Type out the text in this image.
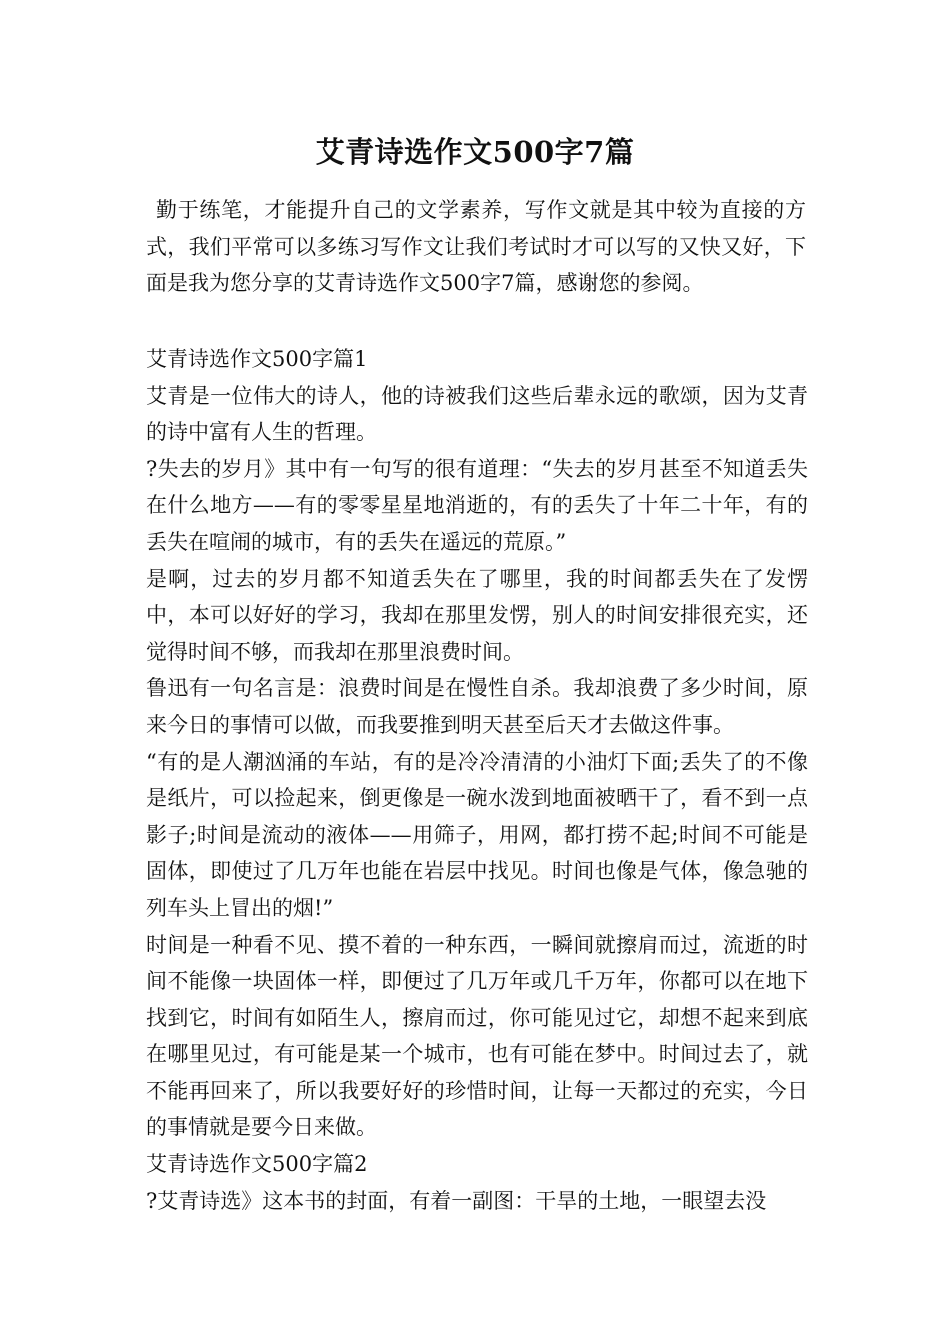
艾青诗选作文500字7篇
勤于练笔，才能提升自己的文学素养，写作文就是其中较为直接的方式，我们平常可以多练习写作文让我们考试时才可以写的又快又好，下面是我为您分享的艾青诗选作文500字7篇，感谢您的参阅。

艾青诗选作文500字篇1

艾青是一位伟大的诗人，他的诗被我们这些后辈永远的歌颂，因为艾青的诗中富有人生的哲理。

?失去的岁月》其中有一句写的很有道理：“失去的岁月甚至不知道丢失在什么地方——有的零零星星地消逝的，有的丢失了十年二十年，有的丢失在喧闹的城市，有的丢失在遥远的荒原。”

是啊，过去的岁月都不知道丢失在了哪里，我的时间都丢失在了发愣中，本可以好好的学习，我却在那里发愣，别人的时间安排很充实，还觉得时间不够，而我却在那里浪费时间。

鲁迅有一句名言是：浪费时间是在慢性自杀。我却浪费了多少时间，原来今日的事情可以做，而我要推到明天甚至后天才去做这件事。

“有的是人潮汹涌的车站，有的是冷冷清清的小油灯下面;丢失了的不像是纸片，可以捡起来，倒更像是一碗水泼到地面被晒干了，看不到一点影子;时间是流动的液体——用筛子，用网，都打捞不起;时间不可能是固体，即使过了几万年也能在岩层中找见。时间也像是气体，像急驰的列车头上冒出的烟!”

时间是一种看不见、摸不着的一种东西，一瞬间就擦肩而过，流逝的时间不能像一块固体一样，即便过了几万年或几千万年，你都可以在地下找到它，时间有如陌生人，擦肩而过，你可能见过它，却想不起来到底在哪里见过，有可能是某一个城市，也有可能在梦中。时间过去了，就不能再回来了，所以我要好好的珍惜时间，让每一天都过的充实，今日的事情就是要今日来做。

艾青诗选作文500字篇2

?艾青诗选》这本书的封面，有着一副图：干旱的土地，一眼望去没
